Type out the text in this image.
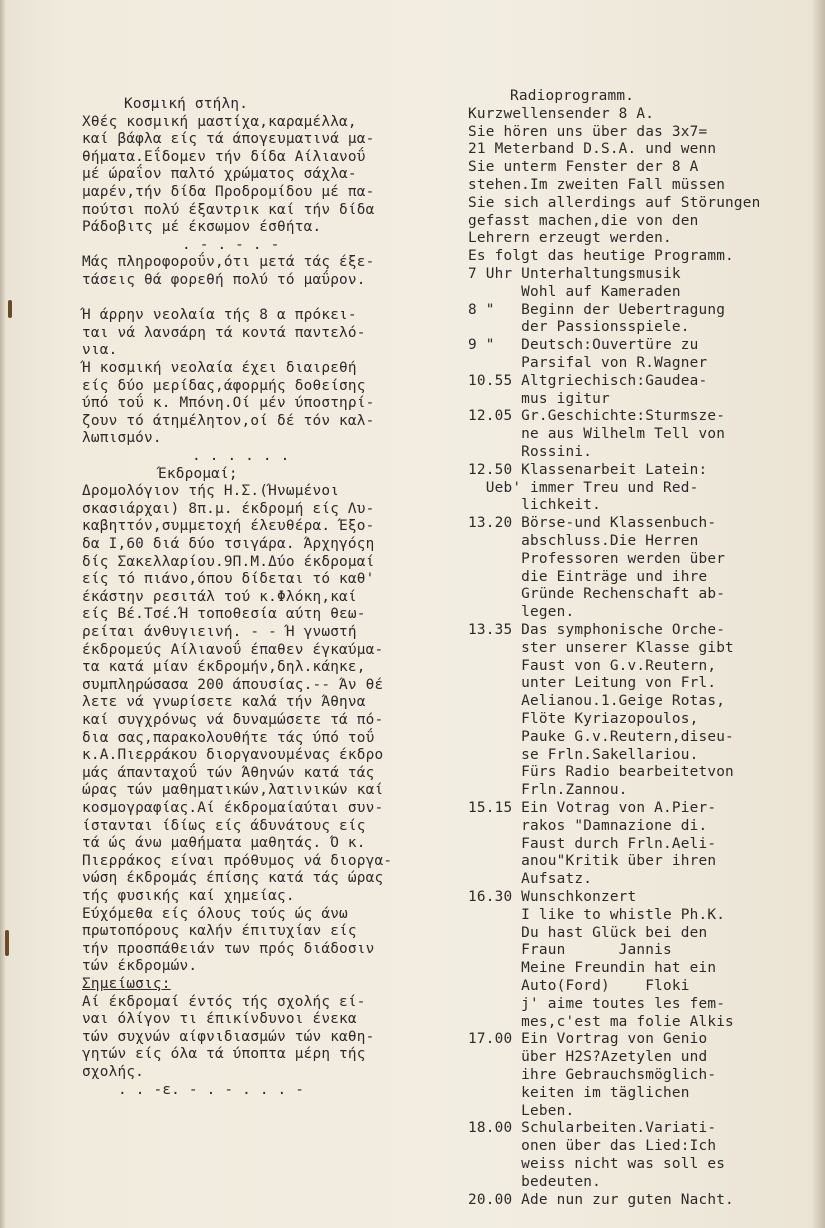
Κοσμική στήλη.
Χθές κοσμική μαστίχα,καραμέλλα,
καί βάφλα είς τά άπογευματινά μα-
θήματα.Εΐδομεν τήν δίδα Αίλιανοΰ
μέ ώραΐον παλτό χρώματος σάχλα-
μαρέν,τήν δίδα Προδρομίδου μέ πα-
πούτσι πολύ έξαντρικ καί τήν δίδα
Ράδοβιτς μέ έκσωμον έσθήτα.
. - . - . -
Μάς πληροφοροΰν,ότι μετά τάς έξε-
τάσεις θά φορεθή πολύ τό μαΰρον.
Ή άρρην νεολαία τής 8 α πρόκει-
ται νά λανσάρη τά κοντά παντελό-
νια.
Ή κοσμική νεολαία έχει διαιρεθή
είς δύο μερίδας,άφορμής δοθείσης
ύπό τοΰ κ. Μπόνη.Οί μέν ύποστηρί-
ζουν τό άτημέλητον,οί δέ τόν καλ-
λωπισμόν.
. . . . . .
Έκδρομαί;
Δρομολόγιον τής Η.Σ.(Ήνωμένοι
σκασιάρχαι) 8π.μ. έκδρομή είς Λυ-
καβηττόν,συμμετοχή έλευθέρα. Έξο-
δα Ι,60 διά δύο τσιγάρα. Άρχηγόςη
δίς Σακελλαρίου.9Π.Μ.Δύο έκδρομαί
είς τό πιάνο,όπου δίδεται τό καθ'
έκάστην ρεσιτάλ τού κ.Φλόκη,καί
είς Βέ.Τσέ.Ή τοποθεσία αύτη θεω-
ρείται άνθυγιεινή. - - Ή γνωστή
έκδρομεύς Αίλιανοΰ έπαθεν έγκαύμα-
τα κατά μίαν έκδρομήν,δηλ.κάηκε,
συμπληρώσασα 200 άπουσίας.-- Άν θέ
λετε νά γνωρίσετε καλά τήν Άθηνα
καί συγχρόνως νά δυναμώσετε τά πό-
δια σας,παρακολουθήτε τάς ύπό τοΰ
κ.Α.Πιερράκου διοργανουμένας έκδρο
μάς άπανταχοΰ τών Άθηνών κατά τάς
ώρας τών μαθηματικών,λατινικών καί
κοσμογραφίας.Αί έκδρομαίαύται συν-
ίστανται ίδίως είς άδυνάτους είς
τά ώς άνω μαθήματα μαθητάς. Ό κ.
Πιερράκος είναι πρόθυμος νά διοργα-
νώση έκδρομάς έπίσης κατά τάς ώρας
τής φυσικής καί χημείας.
Εύχόμεθα είς όλους τούς ώς άνω
πρωτοπόρους καλήν έπιτυχίαν είς
τήν προσπάθειάν των πρός διάδοσιν
τών έκδρομών.
Σημείωσις:
Αί έκδρομαί έντός τής σχολής εί-
ναι όλίγον τι έπικίνδυνοι ένεκα
τών συχνών αίφνιδιασμών τών καθη-
γητών είς όλα τά ύποπτα μέρη τής
σχολής.
. . -ε. - . - . . . -
Radioprogramm.
Kurzwellensender 8 A.
Sie hören uns über das 3x7=
21 Meterband D.S.A. und wenn
Sie unterm Fenster der 8 A
stehen.Im zweiten Fall müssen
Sie sich allerdings auf Störungen
gefasst machen,die von den
Lehrern erzeugt werden.
Es folgt das heutige Programm.
7 Uhr Unterhaltungsmusik
Wohl auf Kameraden
8 "   Beginn der Uebertragung
der Passionsspiele.
9 "   Deutsch:Ouvertüre zu
Parsifal von R.Wagner
10.55 Altgriechisch:Gaudea-
mus igitur
12.05 Gr.Geschichte:Sturmsze-
ne aus Wilhelm Tell von
Rossini.
12.50 Klassenarbeit Latein:
Ueb' immer Treu und Red-
lichkeit.
13.20 Börse-und Klassenbuch-
abschluss.Die Herren
Professoren werden über
die Einträge und ihre
Gründe Rechenschaft ab-
legen.
13.35 Das symphonische Orche-
ster unserer Klasse gibt
Faust von G.v.Reutern,
unter Leitung von Frl.
Aelianou.1.Geige Rotas,
Flöte Kyriazopoulos,
Pauke G.v.Reutern,diseu-
se Frln.Sakellariou.
Fürs Radio bearbeitetvon
Frln.Zannou.
15.15 Ein Votrag von A.Pier-
rakos "Damnazione di.
Faust durch Frln.Aeli-
anou"Kritik über ihren
Aufsatz.
16.30 Wunschkonzert
I like to whistle Ph.K.
Du hast Glück bei den
Fraun      Jannis
Meine Freundin hat ein
Auto(Ford)    Floki
j' aime toutes les fem-
mes,c'est ma folie Alkis
17.00 Ein Vortrag von Genio
über H2S?Azetylen und
ihre Gebrauchsmöglich-
keiten im täglichen
Leben.
18.00 Schularbeiten.Variati-
onen über das Lied:Ich
weiss nicht was soll es
bedeuten.
20.00 Ade nun zur guten Nacht.
